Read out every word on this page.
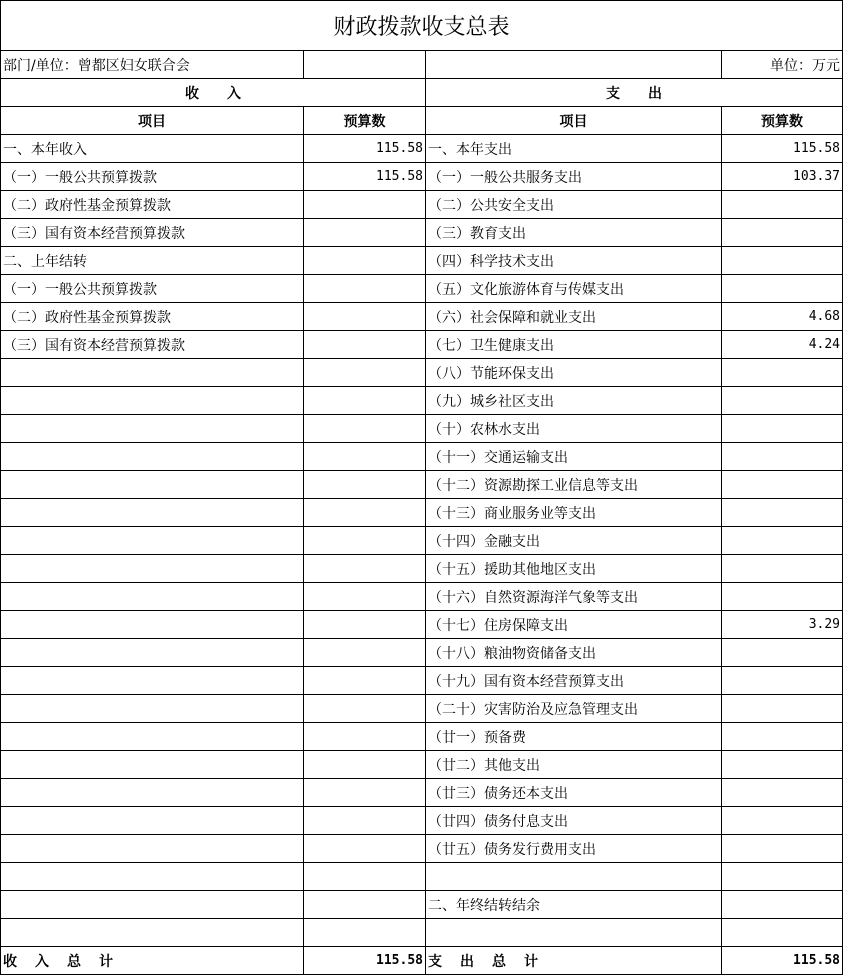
财政拨款收支总表			
部门/单位：曾都区妇女联合会			单位：万元
收　　入		支　　出	
项目	预算数	项目	预算数
一、本年收入	115.58	一、本年支出	115.58
（一）一般公共预算拨款	115.58	（一）一般公共服务支出	103.37
（二）政府性基金预算拨款		（二）公共安全支出	
（三）国有资本经营预算拨款		（三）教育支出	
二、上年结转		（四）科学技术支出	
（一）一般公共预算拨款		（五）文化旅游体育与传媒支出	
（二）政府性基金预算拨款		（六）社会保障和就业支出	4.68
（三）国有资本经营预算拨款		（七）卫生健康支出	4.24
		（八）节能环保支出	
		（九）城乡社区支出	
		（十）农林水支出	
		（十一）交通运输支出	
		（十二）资源勘探工业信息等支出	
		（十三）商业服务业等支出	
		（十四）金融支出	
		（十五）援助其他地区支出	
		（十六）自然资源海洋气象等支出	
		（十七）住房保障支出	3.29
		（十八）粮油物资储备支出	
		（十九）国有资本经营预算支出	
		（二十）灾害防治及应急管理支出	
		（廿一）预备费	
		（廿二）其他支出	
		（廿三）债务还本支出	
		（廿四）债务付息支出	
		（廿五）债务发行费用支出	

		二、年终结转结余	

收入总计	115.58	支出总计	115.58
